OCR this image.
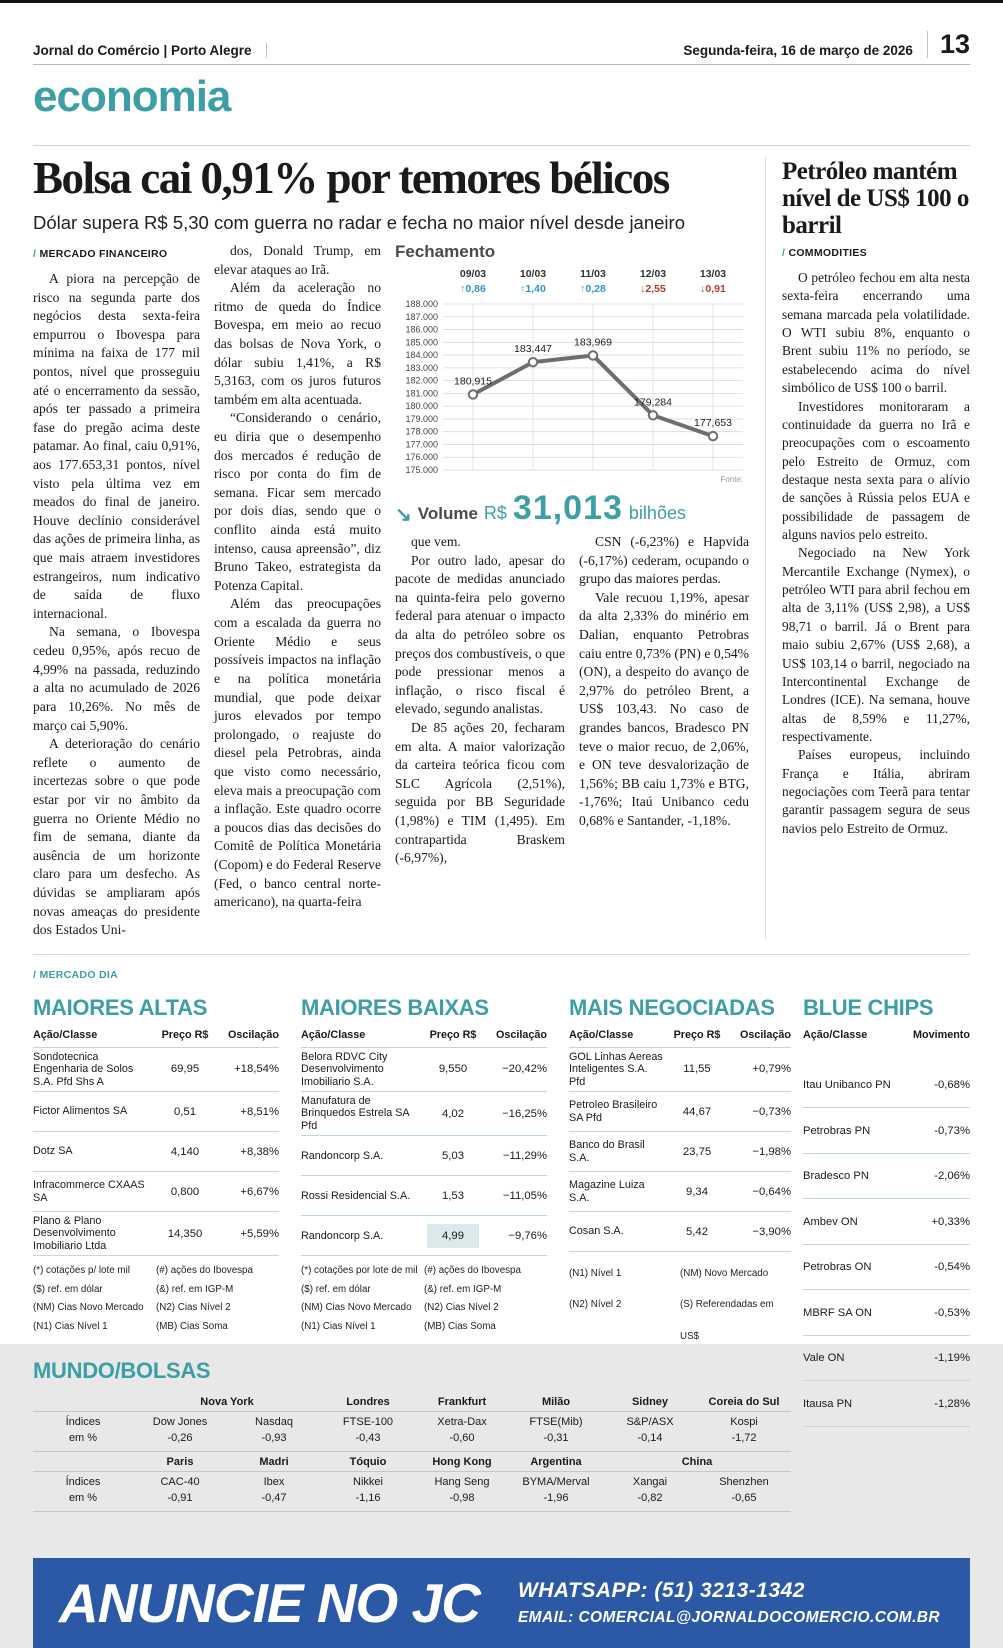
Jornal do Comércio | Porto Alegre	Segunda-feira, 16 de março de 2026	13
economia
Bolsa cai 0,91% por temores bélicos

Dólar supera R$ 5,30 com guerra no radar e fecha no maior nível desde janeiro

/ MERCADO FINANCEIRO

A piora na percepção de risco na segunda parte dos negócios desta sexta-feira empurrou o Ibovespa para mínima na faixa de 177 mil pontos, nível que prosseguiu até o encerramento da sessão, após ter passado a primeira fase do pregão acima deste patamar. Ao final, caiu 0,91%, aos 177.653,31 pontos, nível visto pela última vez em meados do final de janeiro. Houve declínio considerável das ações de primeira linha, as que mais atraem investidores estrangeiros, num indicativo de saída de fluxo internacional.

Na semana, o Ibovespa cedeu 0,95%, após recuo de 4,99% na passada, reduzindo a alta no acumulado de 2026 para 10,26%. No mês de março cai 5,90%.

A deterioração do cenário reflete o aumento de incertezas sobre o que pode estar por vir no âmbito da guerra no Oriente Médio no fim de semana, diante da ausência de um horizonte claro para um desfecho. As dúvidas se ampliaram após novas ameaças do presidente dos Estados Uni-

dos, Donald Trump, em elevar ataques ao Irã.

Além da aceleração no ritmo de queda do Índice Bovespa, em meio ao recuo das bolsas de Nova York, o dólar subiu 1,41%, a R$ 5,3163, com os juros futuros também em alta acentuada.

“Considerando o cenário, eu diria que o desempenho dos mercados é redução de risco por conta do fim de semana. Ficar sem mercado por dois dias, sendo que o conflito ainda está muito intenso, causa apreensão”, diz Bruno Takeo, estrategista da Potenza Capital.

Além das preocupações com a escalada da guerra no Oriente Médio e seus possíveis impactos na inflação e na política monetária mundial, que pode deixar juros elevados por tempo prolongado, o reajuste do diesel pela Petrobras, ainda que visto como necessário, eleva mais a preocupação com a inflação. Este quadro ocorre a poucos dias das decisões do Comitê de Política Monetária (Copom) e do Federal Reserve (Fed, o banco central norte-americano), na quarta-feira

Fechamento
188.000
187.000
186.000
185.000
184.000
183.000
182.000
181.000
180.000
179.000
178.000
177.000
176.000
175.000
09/03
↑0,86
10/03
↑1,40
11/03
↑0,28
12/03
↓2,55
13/03
↓0,91
180,915
183,447
183,969
179,284
177,653
Fonte:
↘ Volume R$ 31,013 bilhões

que vem.

Por outro lado, apesar do pacote de medidas anunciado na quinta-feira pelo governo federal para atenuar o impacto da alta do petróleo sobre os preços dos combustíveis, o que pode pressionar menos a inflação, o risco fiscal é elevado, segundo analistas.

De 85 ações 20, fecharam em alta. A maior valorização da carteira teórica ficou com SLC Agrícola (2,51%), seguida por BB Seguridade (1,98%) e TIM (1,495). Em contrapartida Braskem (-6,97%),

CSN (-6,23%) e Hapvida (-6,17%) cederam, ocupando o grupo das maiores perdas.

Vale recuou 1,19%, apesar da alta 2,33% do minério em Dalian, enquanto Petrobras caiu entre 0,73% (PN) e 0,54% (ON), a despeito do avanço de 2,97% do petróleo Brent, a US$ 103,43. No caso de grandes bancos, Bradesco PN teve o maior recuo, de 2,06%, e ON teve desvalorização de 1,56%; BB caiu 1,73% e BTG, -1,76%; Itaú Unibanco cedu 0,68% e Santander, -1,18%.

Petróleo mantém nível de US$ 100 o barril
/ COMMODITIES

O petróleo fechou em alta nesta sexta-feira encerrando uma semana marcada pela volatilidade. O WTI subiu 8%, enquanto o Brent subiu 11% no período, se estabelecendo acima do nível simbólico de US$ 100 o barril.

Investidores monitoraram a continuidade da guerra no Irã e preocupações com o escoamento pelo Estreito de Ormuz, com destaque nesta sexta para o alívio de sanções à Rússia pelos EUA e possibilidade de passagem de alguns navios pelo estreito.

Negociado na New York Mercantile Exchange (Nymex), o petróleo WTI para abril fechou em alta de 3,11% (US$ 2,98), a US$ 98,71 o barril. Já o Brent para maio subiu 2,67% (US$ 2,68), a US$ 103,14 o barril, negociado na Intercontinental Exchange de Londres (ICE). Na semana, houve altas de 8,59% e 11,27%, respectivamente.

Países europeus, incluindo França e Itália, abriram negociações com Teerã para tentar garantir passagem segura de seus navios pelo Estreito de Ormuz.

/ MERCADO DIA
MAIORES ALTAS
Ação/Classe	Preço R$	Oscilação
Sondotecnica Engenharia de Solos S.A. Pfd Shs A
69,95	+18,54%
Fictor Alimentos SA	0,51	+8,51%
Dotz SA	4,140	+8,38%
Infracommerce CXAAS SA	0,800	+6,67%
Plano & Plano Desenvolvimento Imobiliario Ltda
14,350	+5,59%
(*) cotações p/ lote mil
($) ref. em dólar
(NM) Cias Novo Mercado
(N1) Cias Nível 1
(#) ações do Ibovespa
(&) ref. em IGP-M
(N2) Cias Nível 2
(MB) Cias Soma
MAIORES BAIXAS
Ação/Classe	Preço R$	Oscilação
Belora RDVC City Desenvolvimento Imobiliario S.A.
9,550	−20,42%
Manufatura de Brinquedos Estrela SA Pfd
4,02	−16,25%
Randoncorp S.A.	5,03	−11,29%
Rossi Residencial S.A.	1,53	−11,05%
Randoncorp S.A.	4,99	−9,76%
(*) cotações por lote de mil
($) ref. em dólar
(NM) Cias Novo Mercado
(N1) Cias Nível 1
(#) ações do Ibovespa
(&) ref. em IGP-M
(N2) Cias Nível 2
(MB) Cias Soma
MAIS NEGOCIADAS
Ação/Classe	Preço R$	Oscilação
GOL Linhas Aereas Inteligentes S.A. Pfd
11,55	+0,79%
Petroleo Brasileiro SA Pfd	44,67	−0,73%
Banco do Brasil S.A.	23,75	−1,98%
Magazine Luiza S.A.	9,34	−0,64%
Cosan S.A.	5,42	−3,90%
(N1) Nível 1
(N2) Nível 2
(NM) Novo Mercado
(S) Referendadas em US$
MUNDO/BOLSAS
	Nova York		Londres	Frankfurt	Milão	Sidney	Coreia do Sul

Índices
em %

Dow Jones
-0,26

Nasdaq
-0,93

FTSE-100
-0,43

Xetra-Dax
-0,60

FTSE(Mib)
-0,31

S&P/ASX
-0,14

Kospi
-1,72

	Paris	Madri	Tóquio	Hong Kong	Argentina	China	

Índices
em %

CAC-40
-0,91

Ibex
-0,47

Nikkei
-1,16

Hang Seng
-0,98

BYMA/Merval
-1,96

Xangai
-0,82

Shenzhen
-0,65
BLUE CHIPS
Ação/Classe	Movimento
Itau Unibanco PN	-0,68%
Petrobras PN	-0,73%
Bradesco PN	-2,06%
Ambev ON	+0,33%
Petrobras ON	-0,54%
MBRF SA ON	-0,53%
Vale ON	-1,19%
Itausa PN	-1,28%
ANUNCIE NO JC WHATSAPP: (51) 3213-1342
EMAIL: COMERCIAL@JORNALDOCOMERCIO.COM.BR
